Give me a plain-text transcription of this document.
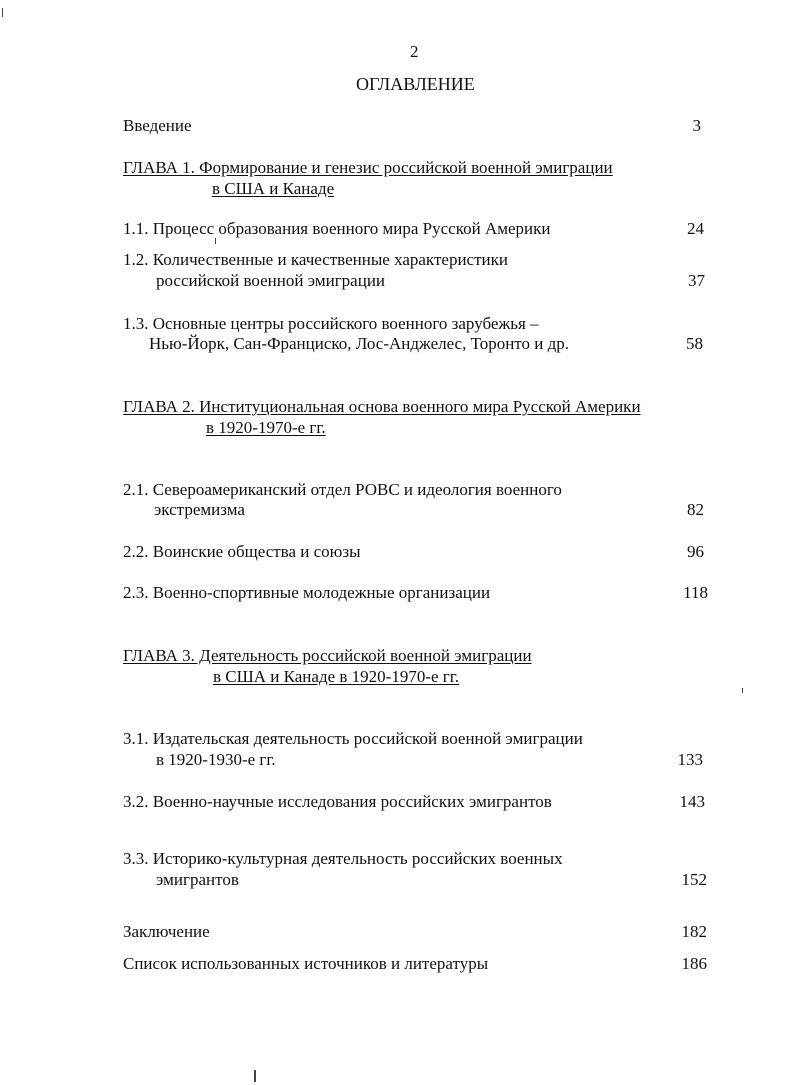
2
ОГЛАВЛЕНИЕ
Введение	3
ГЛАВА 1. Формирование и генезис российской военной эмиграции
в США и Канаде
1.1. Процесс образования военного мира Русской Америки	24
1.2. Количественные и качественные характеристики
российской военной эмиграции	37
1.3. Основные центры российского военного зарубежья –
Нью-Йорк, Сан-Франциско, Лос-Анджелес, Торонто и др.	58
ГЛАВА 2. Институциональная основа военного мира Русской Америки
в 1920-1970-е гг.
2.1. Североамериканский отдел РОВС и идеология военного
экстремизма	82
2.2. Воинские общества и союзы	96
2.3. Военно-спортивные молодежные организации	118
ГЛАВА 3. Деятельность российской военной эмиграции
в США и Канаде в 1920-1970-е гг.
3.1. Издательская деятельность российской военной эмиграции
в 1920-1930-е гг.	133
3.2. Военно-научные исследования российских эмигрантов	143
3.3. Историко-культурная деятельность российских военных
эмигрантов	152
Заключение	182
Список использованных источников и литературы	186
